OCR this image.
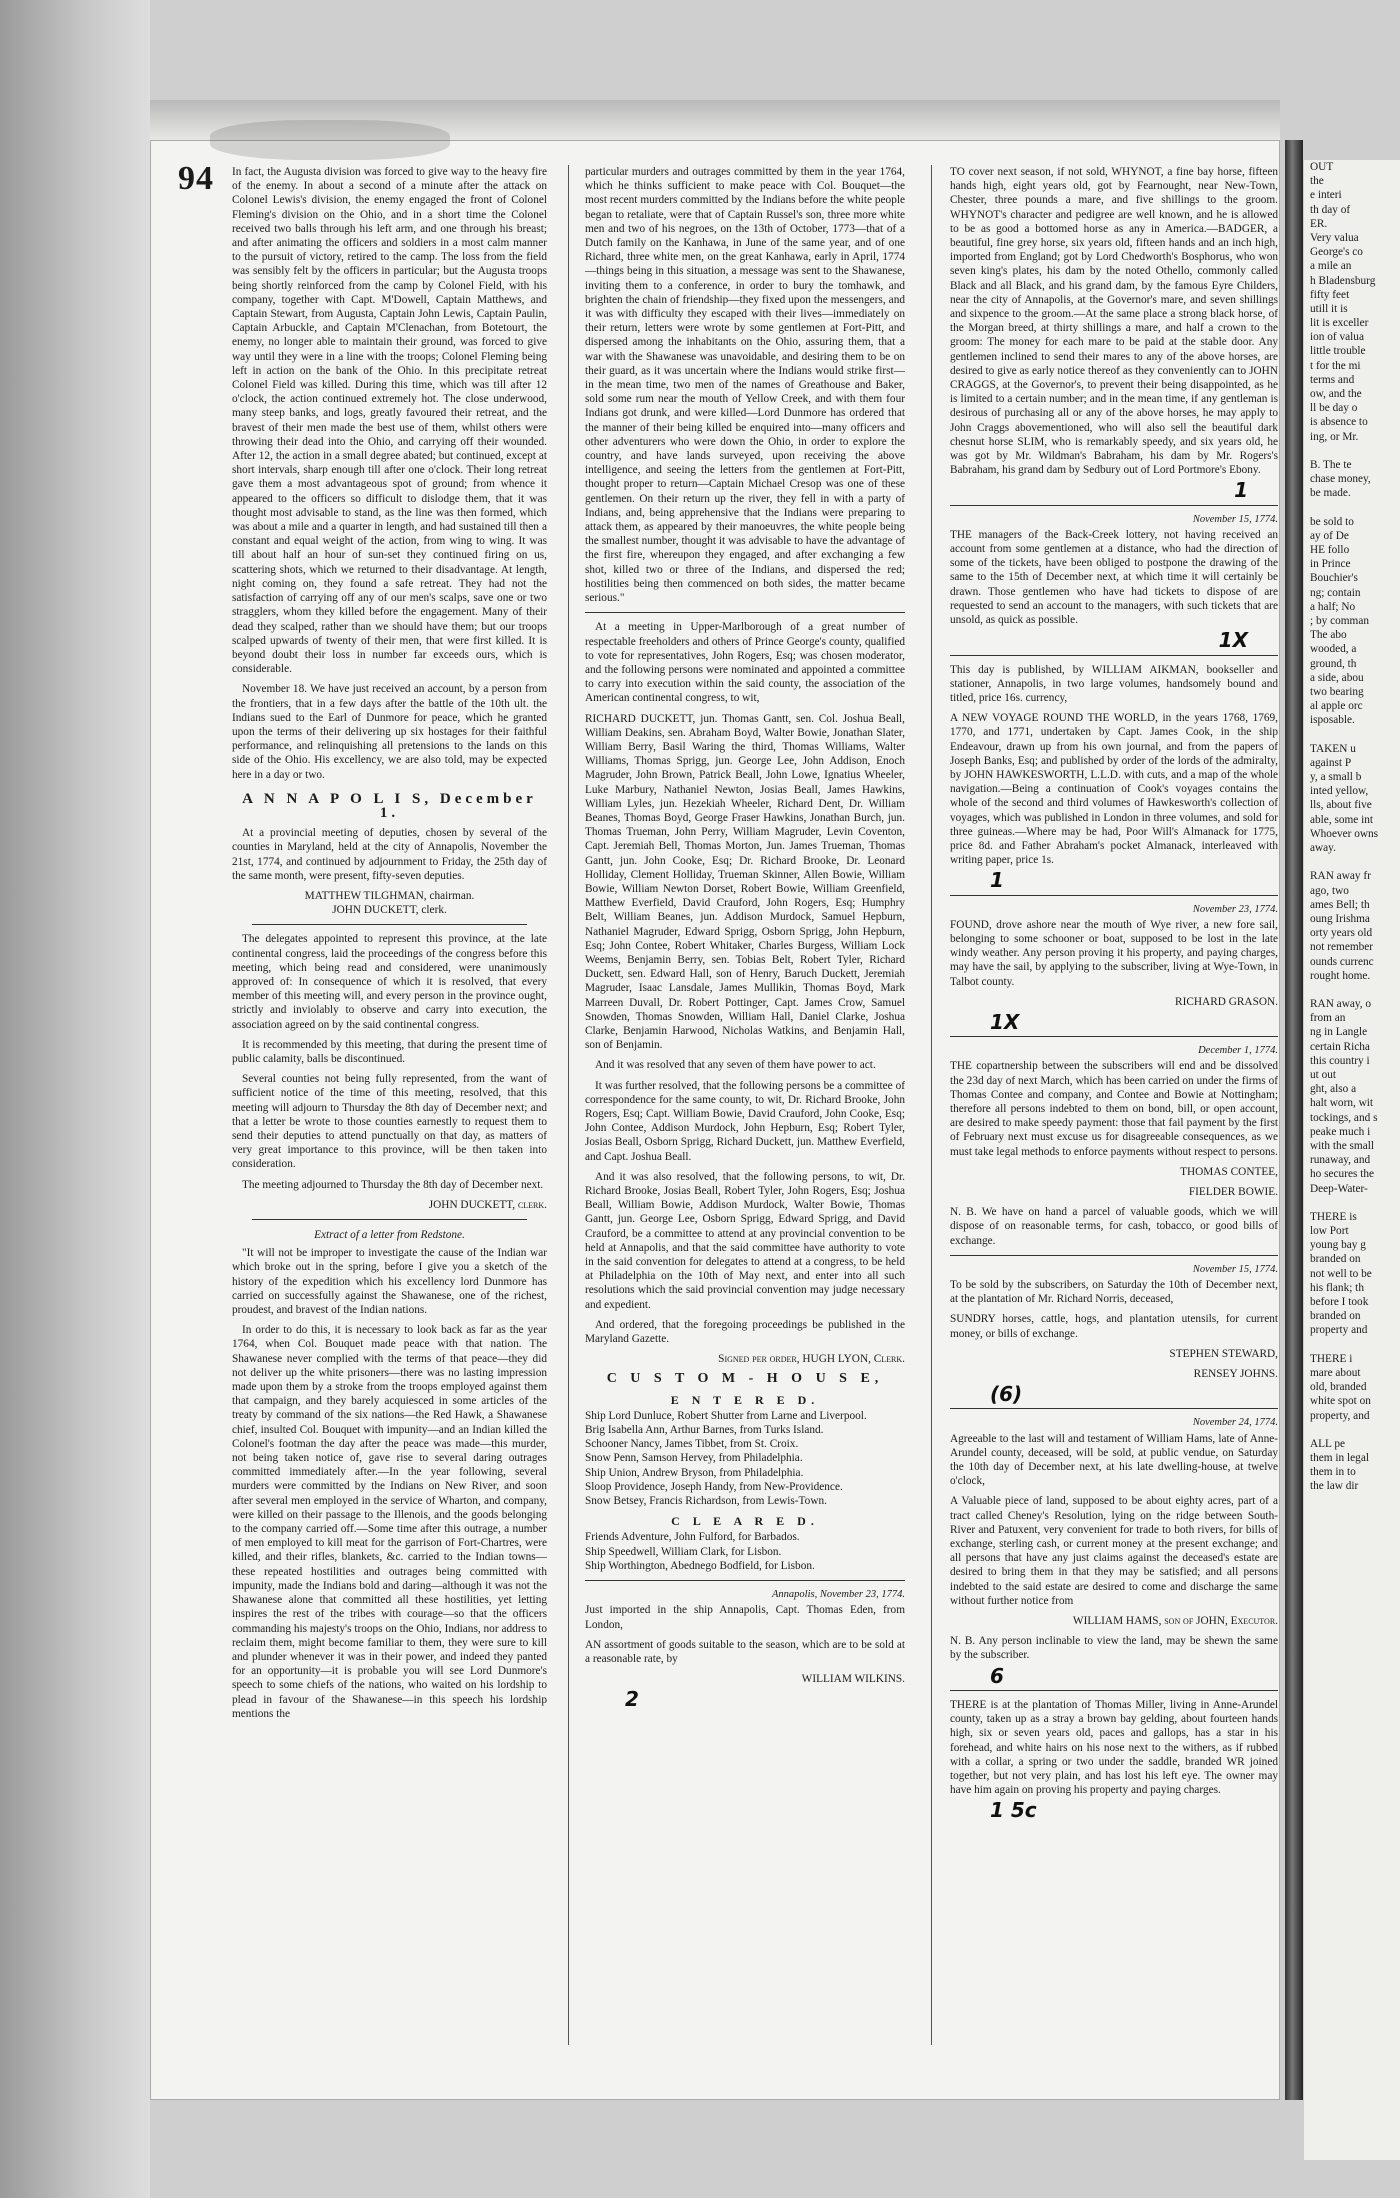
94 In fact, the Augusta division was forced to give way to the heavy fire of the enemy. In about a second of a minute after the attack on Colonel Lewis's division, the enemy engaged the front of Colonel Fleming's division on the Ohio, and in a short time the Colonel received two balls through his left arm, and one through his breast; and after animating the officers and soldiers in a most calm manner to the pursuit of victory, retired to the camp. The loss from the field was sensibly felt by the officers in particular; but the Augusta troops being shortly reinforced from the camp by Colonel Field, with his company, together with Capt. M'Dowell, Captain Matthews, and Captain Stewart, from Augusta, Captain John Lewis, Captain Paulin, Captain Arbuckle, and Captain M'Clenachan, from Botetourt, the enemy, no longer able to maintain their ground, was forced to give way until they were in a line with the troops; Colonel Fleming being left in action on the bank of the Ohio. In this precipitate retreat Colonel Field was killed. During this time, which was till after 12 o'clock, the action continued extremely hot. The close underwood, many steep banks, and logs, greatly favoured their retreat, and the bravest of their men made the best use of them, whilst others were throwing their dead into the Ohio, and carrying off their wounded. After 12, the action in a small degree abated; but continued, except at short intervals, sharp enough till after one o'clock. Their long retreat gave them a most advantageous spot of ground; from whence it appeared to the officers so difficult to dislodge them, that it was thought most advisable to stand, as the line was then formed, which was about a mile and a quarter in length, and had sustained till then a constant and equal weight of the action, from wing to wing. It was till about half an hour of sun-set they continued firing on us, scattering shots, which we returned to their disadvantage. At length, night coming on, they found a safe retreat. They had not the satisfaction of carrying off any of our men's scalps, save one or two stragglers, whom they killed before the engagement. Many of their dead they scalped, rather than we should have them; but our troops scalped upwards of twenty of their men, that were first killed. It is beyond doubt their loss in number far exceeds ours, which is considerable.

November 18. We have just received an account, by a person from the frontiers, that in a few days after the battle of the 10th ult. the Indians sued to the Earl of Dunmore for peace, which he granted upon the terms of their delivering up six hostages for their faithful performance, and relinquishing all pretensions to the lands on this side of the Ohio. His excellency, we are also told, may be expected here in a day or two.

A N N A P O L I S, December 1.

At a provincial meeting of deputies, chosen by several of the counties in Maryland, held at the city of Annapolis, November the 21st, 1774, and continued by adjournment to Friday, the 25th day of the same month, were present, fifty-seven deputies.

MATTHEW TILGHMAN, chairman.
JOHN DUCKETT, clerk.

The delegates appointed to represent this province, at the late continental congress, laid the proceedings of the congress before this meeting, which being read and considered, were unanimously approved of: In consequence of which it is resolved, that every member of this meeting will, and every person in the province ought, strictly and inviolably to observe and carry into execution, the association agreed on by the said continental congress.

It is recommended by this meeting, that during the present time of public calamity, balls be discontinued.

Several counties not being fully represented, from the want of sufficient notice of the time of this meeting, resolved, that this meeting will adjourn to Thursday the 8th day of December next; and that a letter be wrote to those counties earnestly to request them to send their deputies to attend punctually on that day, as matters of very great importance to this province, will be then taken into consideration.

The meeting adjourned to Thursday the 8th day of December next.

JOHN DUCKETT, clerk.
Extract of a letter from Redstone.

"It will not be improper to investigate the cause of the Indian war which broke out in the spring, before I give you a sketch of the history of the expedition which his excellency lord Dunmore has carried on successfully against the Shawanese, one of the richest, proudest, and bravest of the Indian nations.

In order to do this, it is necessary to look back as far as the year 1764, when Col. Bouquet made peace with that nation. The Shawanese never complied with the terms of that peace—they did not deliver up the white prisoners—there was no lasting impression made upon them by a stroke from the troops employed against them that campaign, and they barely acquiesced in some articles of the treaty by command of the six nations—the Red Hawk, a Shawanese chief, insulted Col. Bouquet with impunity—and an Indian killed the Colonel's footman the day after the peace was made—this murder, not being taken notice of, gave rise to several daring outrages committed immediately after.—In the year following, several murders were committed by the Indians on New River, and soon after several men employed in the service of Wharton, and company, were killed on their passage to the Illenois, and the goods belonging to the company carried off.—Some time after this outrage, a number of men employed to kill meat for the garrison of Fort-Chartres, were killed, and their rifles, blankets, &c. carried to the Indian towns—these repeated hostilities and outrages being committed with impunity, made the Indians bold and daring—although it was not the Shawanese alone that committed all these hostilities, yet letting inspires the rest of the tribes with courage—so that the officers commanding his majesty's troops on the Ohio, Indians, nor address to reclaim them, might become familiar to them, they were sure to kill and plunder whenever it was in their power, and indeed they panted for an opportunity—it is probable you will see Lord Dunmore's speech to some chiefs of the nations, who waited on his lordship to plead in favour of the Shawanese—in this speech his lordship mentions the

particular murders and outrages committed by them in the year 1764, which he thinks sufficient to make peace with Col. Bouquet—the most recent murders committed by the Indians before the white people began to retaliate, were that of Captain Russel's son, three more white men and two of his negroes, on the 13th of October, 1773—that of a Dutch family on the Kanhawa, in June of the same year, and of one Richard, three white men, on the great Kanhawa, early in April, 1774—things being in this situation, a message was sent to the Shawanese, inviting them to a conference, in order to bury the tomhawk, and brighten the chain of friendship—they fixed upon the messengers, and it was with difficulty they escaped with their lives—immediately on their return, letters were wrote by some gentlemen at Fort-Pitt, and dispersed among the inhabitants on the Ohio, assuring them, that a war with the Shawanese was unavoidable, and desiring them to be on their guard, as it was uncertain where the Indians would strike first—in the mean time, two men of the names of Greathouse and Baker, sold some rum near the mouth of Yellow Creek, and with them four Indians got drunk, and were killed—Lord Dunmore has ordered that the manner of their being killed be enquired into—many officers and other adventurers who were down the Ohio, in order to explore the country, and have lands surveyed, upon receiving the above intelligence, and seeing the letters from the gentlemen at Fort-Pitt, thought proper to return—Captain Michael Cresop was one of these gentlemen. On their return up the river, they fell in with a party of Indians, and, being apprehensive that the Indians were preparing to attack them, as appeared by their manoeuvres, the white people being the smallest number, thought it was advisable to have the advantage of the first fire, whereupon they engaged, and after exchanging a few shot, killed two or three of the Indians, and dispersed the red; hostilities being then commenced on both sides, the matter became serious."

At a meeting in Upper-Marlborough of a great number of respectable freeholders and others of Prince George's county, qualified to vote for representatives, John Rogers, Esq; was chosen moderator, and the following persons were nominated and appointed a committee to carry into execution within the said county, the association of the American continental congress, to wit,

RICHARD DUCKETT, jun. Thomas Gantt, sen. Col. Joshua Beall, William Deakins, sen. Abraham Boyd, Walter Bowie, Jonathan Slater, William Berry, Basil Waring the third, Thomas Williams, Walter Williams, Thomas Sprigg, jun. George Lee, John Addison, Enoch Magruder, John Brown, Patrick Beall, John Lowe, Ignatius Wheeler, Luke Marbury, Nathaniel Newton, Josias Beall, James Hawkins, William Lyles, jun. Hezekiah Wheeler, Richard Dent, Dr. William Beanes, Thomas Boyd, George Fraser Hawkins, Jonathan Burch, jun. Thomas Trueman, John Perry, William Magruder, Levin Coventon, Capt. Jeremiah Bell, Thomas Morton, Jun. James Trueman, Thomas Gantt, jun. John Cooke, Esq; Dr. Richard Brooke, Dr. Leonard Holliday, Clement Holliday, Trueman Skinner, Allen Bowie, William Bowie, William Newton Dorset, Robert Bowie, William Greenfield, Matthew Everfield, David Crauford, John Rogers, Esq; Humphry Belt, William Beanes, jun. Addison Murdock, Samuel Hepburn, Nathaniel Magruder, Edward Sprigg, Osborn Sprigg, John Hepburn, Esq; John Contee, Robert Whitaker, Charles Burgess, William Lock Weems, Benjamin Berry, sen. Tobias Belt, Robert Tyler, Richard Duckett, sen. Edward Hall, son of Henry, Baruch Duckett, Jeremiah Magruder, Isaac Lansdale, James Mullikin, Thomas Boyd, Mark Marreen Duvall, Dr. Robert Pottinger, Capt. James Crow, Samuel Snowden, Thomas Snowden, William Hall, Daniel Clarke, Joshua Clarke, Benjamin Harwood, Nicholas Watkins, and Benjamin Hall, son of Benjamin.

And it was resolved that any seven of them have power to act.

It was further resolved, that the following persons be a committee of correspondence for the same county, to wit, Dr. Richard Brooke, John Rogers, Esq; Capt. William Bowie, David Crauford, John Cooke, Esq; John Contee, Addison Murdock, John Hepburn, Esq; Robert Tyler, Josias Beall, Osborn Sprigg, Richard Duckett, jun. Matthew Everfield, and Capt. Joshua Beall.

And it was also resolved, that the following persons, to wit, Dr. Richard Brooke, Josias Beall, Robert Tyler, John Rogers, Esq; Joshua Beall, William Bowie, Addison Murdock, Walter Bowie, Thomas Gantt, jun. George Lee, Osborn Sprigg, Edward Sprigg, and David Crauford, be a committee to attend at any provincial convention to be held at Annapolis, and that the said committee have authority to vote in the said convention for delegates to attend at a congress, to be held at Philadelphia on the 10th of May next, and enter into all such resolutions which the said provincial convention may judge necessary and expedient.

And ordered, that the foregoing proceedings be published in the Maryland Gazette.

Signed per order, HUGH LYON, Clerk.
C U S T O M - H O U S E,
E N T E R E D.
Ship Lord Dunluce, Robert Shutter from Larne and Liverpool.
Brig Isabella Ann, Arthur Barnes, from Turks Island.
Schooner Nancy, James Tibbet, from St. Croix.
Snow Penn, Samson Hervey, from Philadelphia.
Ship Union, Andrew Bryson, from Philadelphia.
Sloop Providence, Joseph Handy, from New-Providence.
Snow Betsey, Francis Richardson, from Lewis-Town.
C L E A R E D.
Friends Adventure, John Fulford, for Barbados.
Ship Speedwell, William Clark, for Lisbon.
Ship Worthington, Abednego Bodfield, for Lisbon.
Annapolis, November 23, 1774.

Just imported in the ship Annapolis, Capt. Thomas Eden, from London,

AN assortment of goods suitable to the season, which are to be sold at a reasonable rate, by

WILLIAM WILKINS.
2

TO cover next season, if not sold, WHYNOT, a fine bay horse, fifteen hands high, eight years old, got by Fearnought, near New-Town, Chester, three pounds a mare, and five shillings to the groom. WHYNOT's character and pedigree are well known, and he is allowed to be as good a bottomed horse as any in America.—BADGER, a beautiful, fine grey horse, six years old, fifteen hands and an inch high, imported from England; got by Lord Chedworth's Bosphorus, who won seven king's plates, his dam by the noted Othello, commonly called Black and all Black, and his grand dam, by the famous Eyre Childers, near the city of Annapolis, at the Governor's mare, and seven shillings and sixpence to the groom.—At the same place a strong black horse, of the Morgan breed, at thirty shillings a mare, and half a crown to the groom: The money for each mare to be paid at the stable door. Any gentlemen inclined to send their mares to any of the above horses, are desired to give as early notice thereof as they conveniently can to JOHN CRAGGS, at the Governor's, to prevent their being disappointed, as he is limited to a certain number; and in the mean time, if any gentleman is desirous of purchasing all or any of the above horses, he may apply to John Craggs abovementioned, who will also sell the beautiful dark chesnut horse SLIM, who is remarkably speedy, and six years old, he was got by Mr. Wildman's Babraham, his dam by Mr. Rogers's Babraham, his grand dam by Sedbury out of Lord Portmore's Ebony.

1
November 15, 1774.

THE managers of the Back-Creek lottery, not having received an account from some gentlemen at a distance, who had the direction of some of the tickets, have been obliged to postpone the drawing of the same to the 15th of December next, at which time it will certainly be drawn. Those gentlemen who have had tickets to dispose of are requested to send an account to the managers, with such tickets that are unsold, as quick as possible.

1X

This day is published, by WILLIAM AIKMAN, bookseller and stationer, Annapolis, in two large volumes, handsomely bound and titled, price 16s. currency,

A NEW VOYAGE ROUND THE WORLD, in the years 1768, 1769, 1770, and 1771, undertaken by Capt. James Cook, in the ship Endeavour, drawn up from his own journal, and from the papers of Joseph Banks, Esq; and published by order of the lords of the admiralty, by JOHN HAWKESWORTH, L.L.D. with cuts, and a map of the whole navigation.—Being a continuation of Cook's voyages contains the whole of the second and third volumes of Hawkesworth's collection of voyages, which was published in London in three volumes, and sold for three guineas.—Where may be had, Poor Will's Almanack for 1775, price 8d. and Father Abraham's pocket Almanack, interleaved with writing paper, price 1s.

1
November 23, 1774.

FOUND, drove ashore near the mouth of Wye river, a new fore sail, belonging to some schooner or boat, supposed to be lost in the late windy weather. Any person proving it his property, and paying charges, may have the sail, by applying to the subscriber, living at Wye-Town, in Talbot county.

RICHARD GRASON.
1X
December 1, 1774.

THE copartnership between the subscribers will end and be dissolved the 23d day of next March, which has been carried on under the firms of Thomas Contee and company, and Contee and Bowie at Nottingham; therefore all persons indebted to them on bond, bill, or open account, are desired to make speedy payment: those that fail payment by the first of February next must excuse us for disagreeable consequences, as we must take legal methods to enforce payments without respect to persons.

THOMAS CONTEE,
FIELDER BOWIE.

N. B. We have on hand a parcel of valuable goods, which we will dispose of on reasonable terms, for cash, tobacco, or good bills of exchange.

November 15, 1774.

To be sold by the subscribers, on Saturday the 10th of December next, at the plantation of Mr. Richard Norris, deceased,

SUNDRY horses, cattle, hogs, and plantation utensils, for current money, or bills of exchange.

STEPHEN STEWARD,
RENSEY JOHNS.
(6)
November 24, 1774.

Agreeable to the last will and testament of William Hams, late of Anne-Arundel county, deceased, will be sold, at public vendue, on Saturday the 10th day of December next, at his late dwelling-house, at twelve o'clock,

A Valuable piece of land, supposed to be about eighty acres, part of a tract called Cheney's Resolution, lying on the ridge between South-River and Patuxent, very convenient for trade to both rivers, for bills of exchange, sterling cash, or current money at the present exchange; and all persons that have any just claims against the deceased's estate are desired to bring them in that they may be satisfied; and all persons indebted to the said estate are desired to come and discharge the same without further notice from

WILLIAM HAMS, son of JOHN, Executor.

N. B. Any person inclinable to view the land, may be shewn the same by the subscriber.

6

THERE is at the plantation of Thomas Miller, living in Anne-Arundel county, taken up as a stray a brown bay gelding, about fourteen hands high, six or seven years old, paces and gallops, has a star in his forehead, and white hairs on his nose next to the withers, as if rubbed with a collar, a spring or two under the saddle, branded WR joined together, but not very plain, and has lost his left eye. The owner may have him again on proving his property and paying charges.

1 5c
OUT
the
e interi
th day of
ER.
Very valua
George's co
a mile an
h Bladensburg
fifty feet
utill it is
lit is exceller
ion of valua
little trouble
t for the mi
terms and
ow, and the
ll be day o
is absence to
ing, or Mr.
B. The te
chase money,
be made.
be sold to
ay of De
HE follo
in Prince
Bouchier's
ng; contain
a half; No
; by comman
The abo
wooded, a
ground, th
a side, abou
two bearing
al apple orc
isposable.
TAKEN u
against P
y, a small b
inted yellow,
lls, about five
able, some int
Whoever owns
away.
RAN away fr
ago, two
ames Bell; th
oung Irishma
orty years old
not remember
ounds currenc
rought home.
RAN away, o
from an
ng in Langle
certain Richa
this country i
ut out
ght, also a
halt worn, wit
tockings, and s
peake much i
with the small
runaway, and
ho secures the
Deep-Water-
THERE is
low Port
young bay g
branded on
not well to be
his flank; th
before I took
branded on
property and
THERE i
mare about
old, branded
white spot on
property, and
ALL pe
them in legal
them in to
the law dir
